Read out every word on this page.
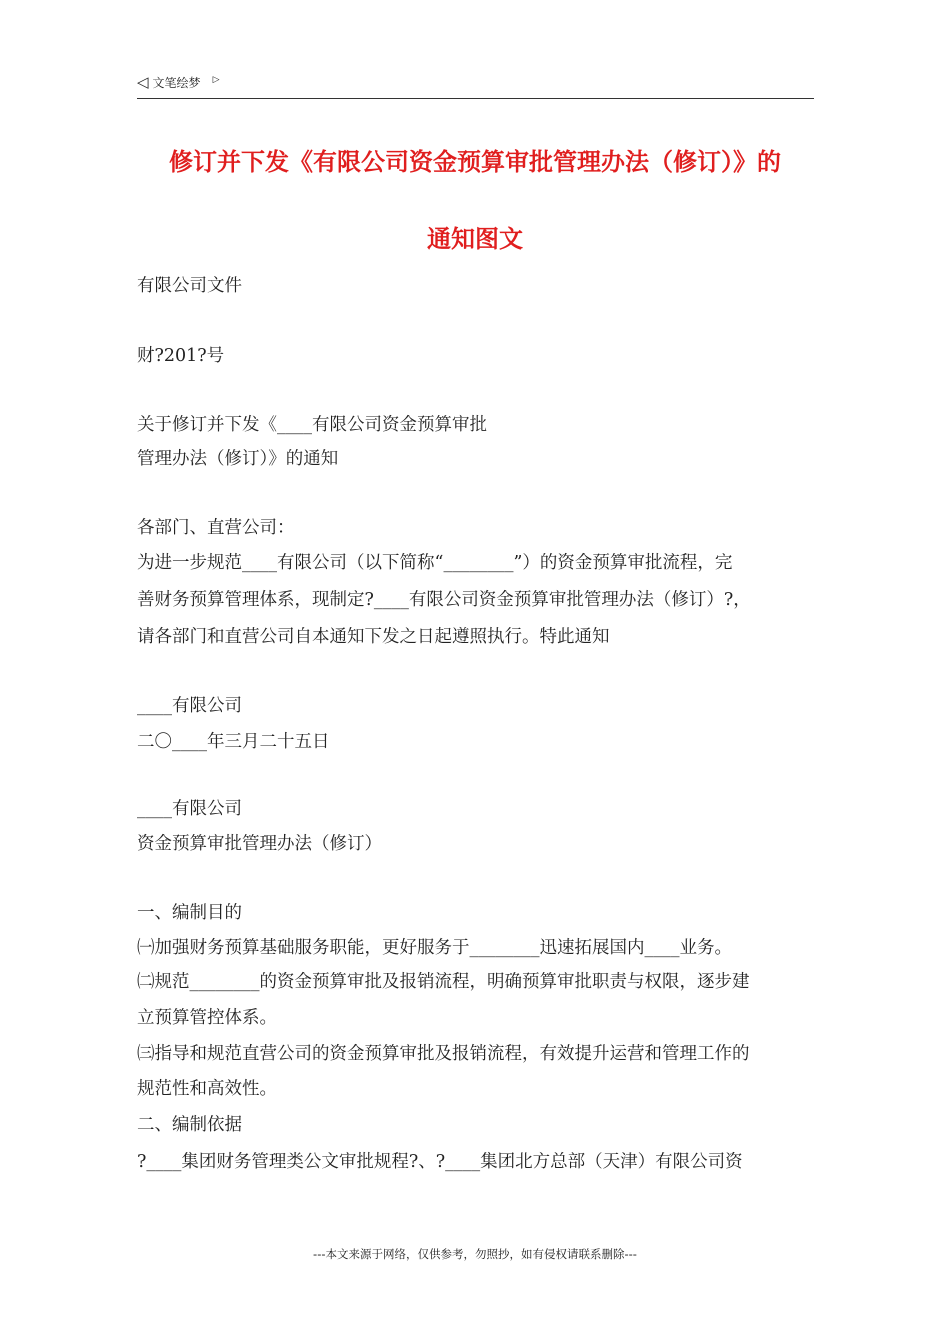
◁ 文笔绘梦 ▷
修订并下发《有限公司资金预算审批管理办法（修订）》的
通知图文
有限公司文件
财?201?号
关于修订并下发《____有限公司资金预算审批
管理办法（修订）》的通知
各部门、直营公司：
为进一步规范____有限公司（以下简称“________”）的资金预算审批流程，完
善财务预算管理体系，现制定?____有限公司资金预算审批管理办法（修订）?，
请各部门和直营公司自本通知下发之日起遵照执行。特此通知
____有限公司
二〇____年三月二十五日
____有限公司
资金预算审批管理办法（修订）
一、编制目的
㈠加强财务预算基础服务职能，更好服务于________迅速拓展国内____业务。
㈡规范________的资金预算审批及报销流程，明确预算审批职责与权限，逐步建
立预算管控体系。
㈢指导和规范直营公司的资金预算审批及报销流程，有效提升运营和管理工作的
规范性和高效性。
二、编制依据
?____集团财务管理类公文审批规程?、?____集团北方总部（天津）有限公司资
---本文来源于网络，仅供参考，勿照抄，如有侵权请联系删除---
